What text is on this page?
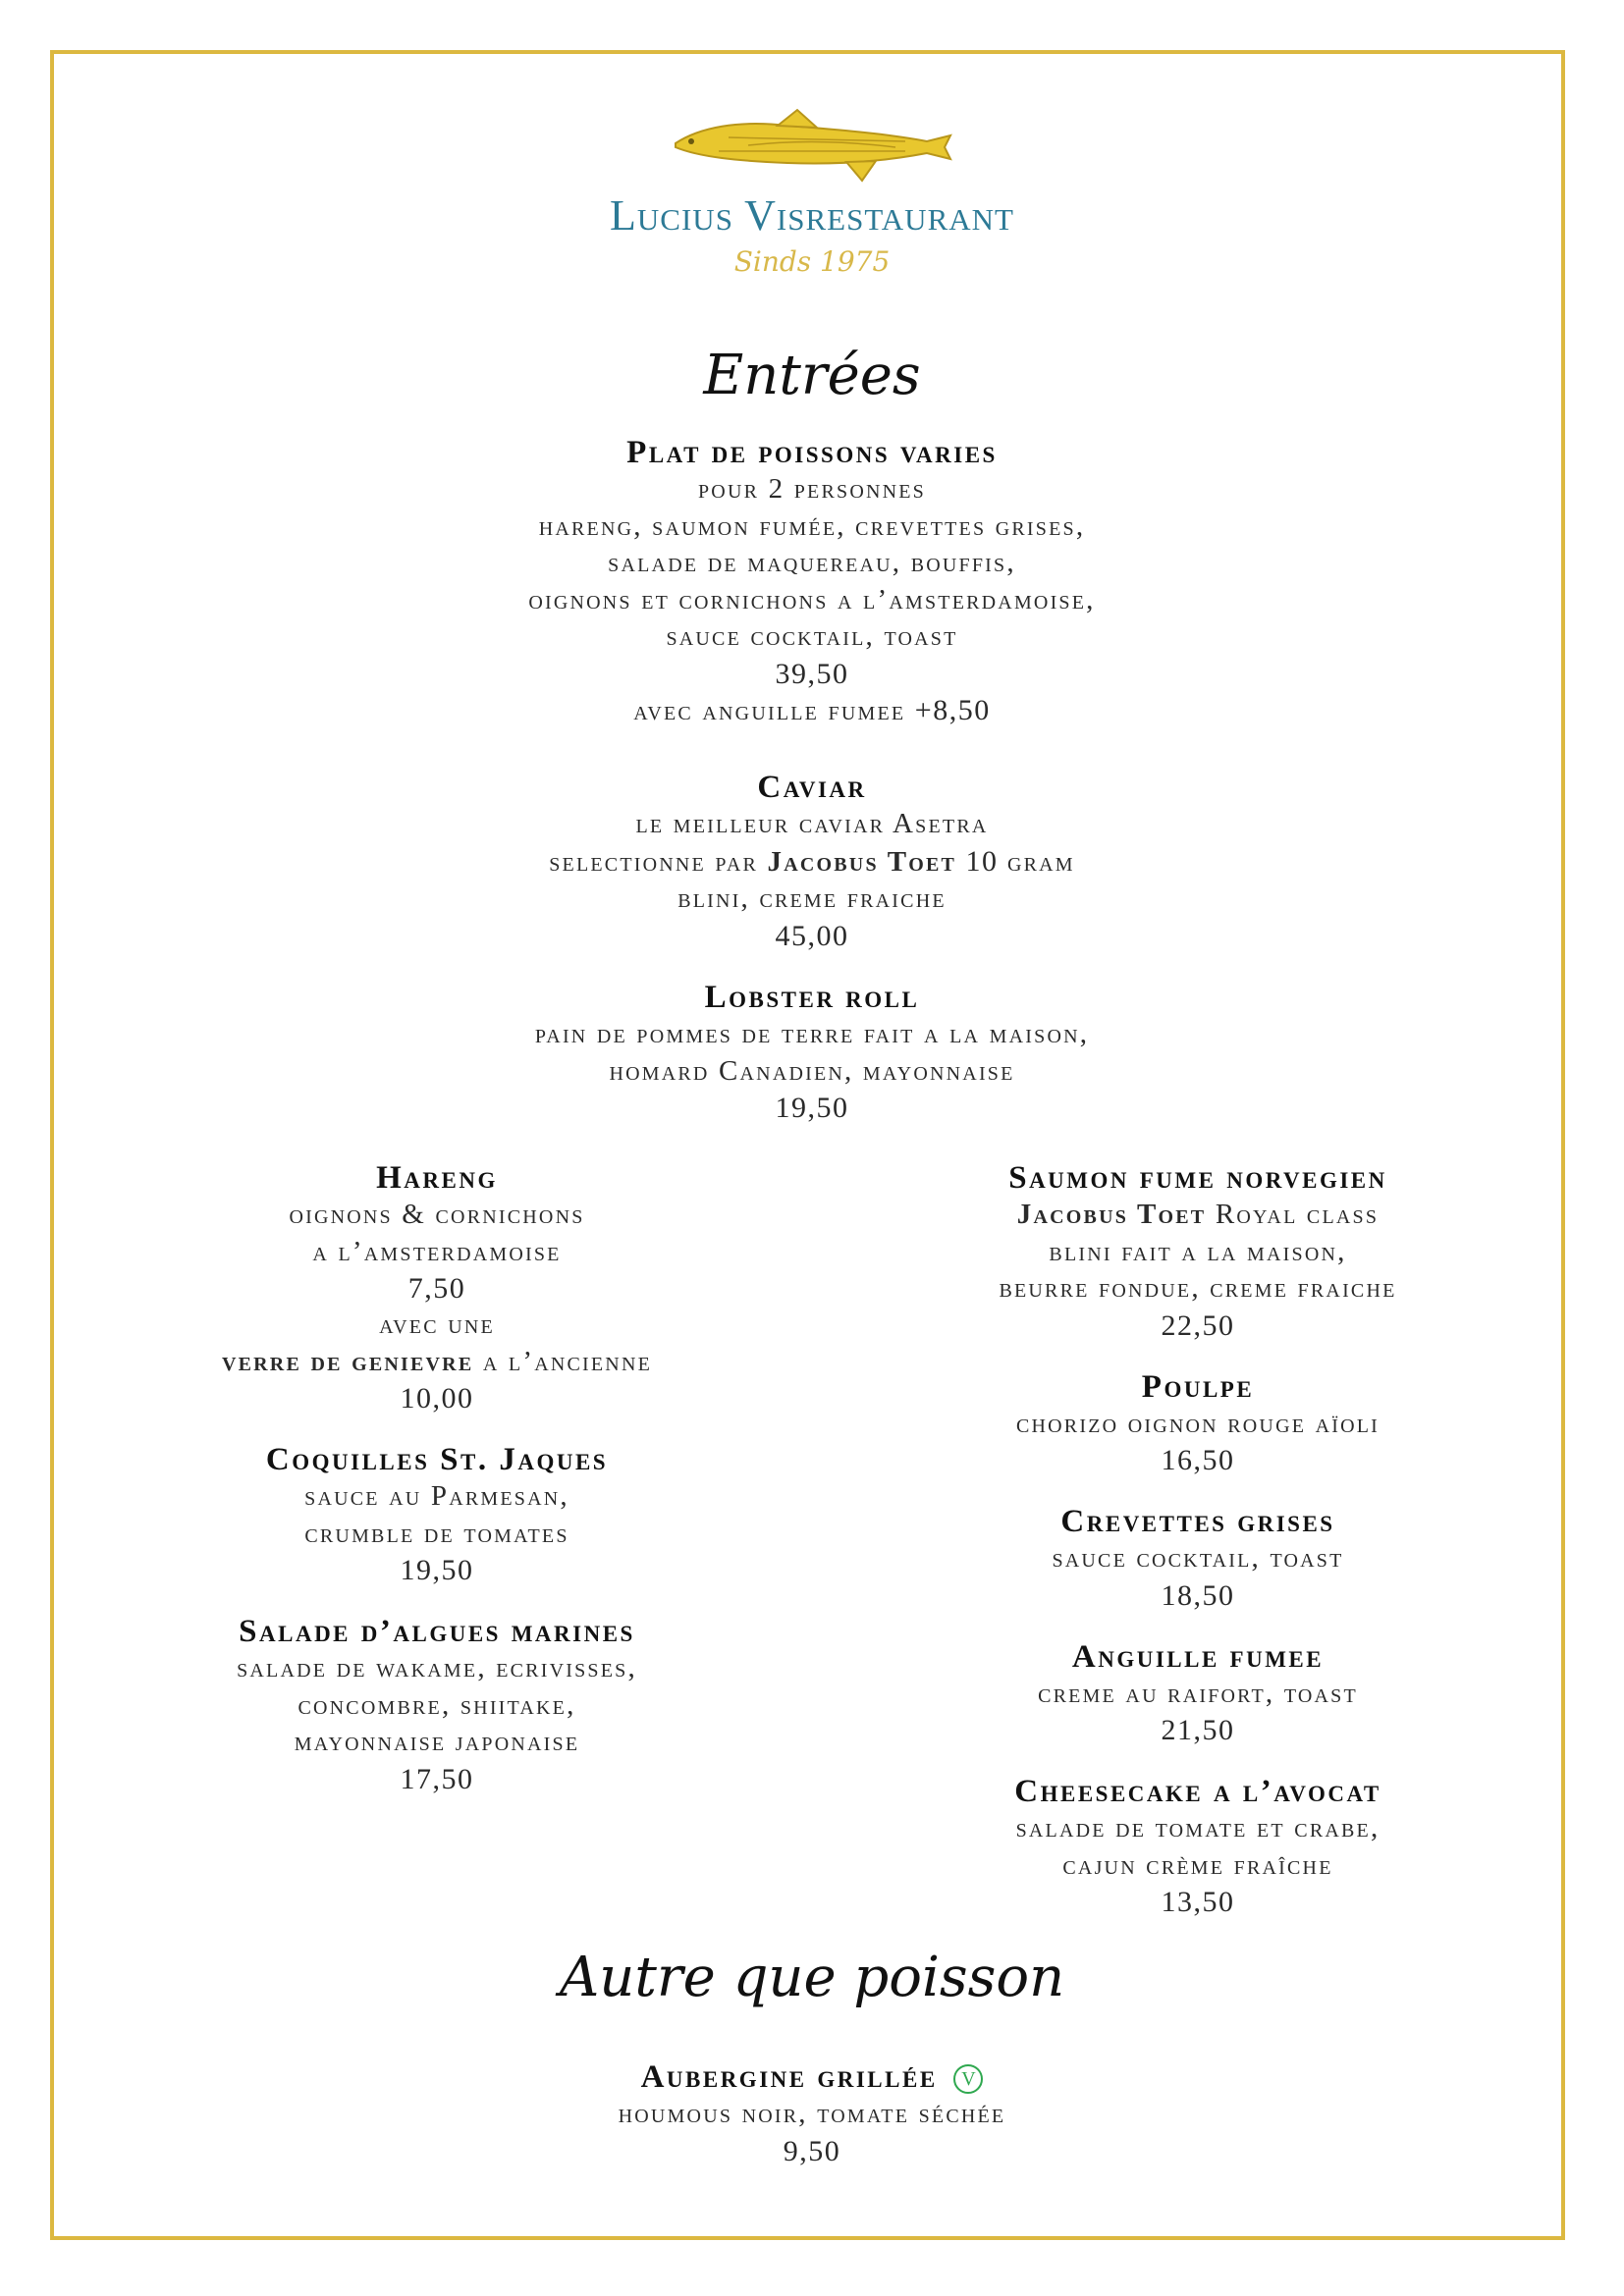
Lucius Visrestaurant
Sinds 1975
Entrées
Plat de poissons varies
pour 2 personnes
hareng, saumon fumée, crevettes grises,
salade de maquereau, bouffis,
oignons et cornichons a l’amsterdamoise,
sauce cocktail, toast
39,50
avec anguille fumee +8,50
Caviar
le meilleur caviar Asetra
selectionne par Jacobus Toet 10 gram
blini, creme fraiche
45,00
Lobster roll
pain de pommes de terre fait a la maison,
homard Canadien, mayonnaise
19,50
Hareng
oignons & cornichons
a l’amsterdamoise
7,50
avec une
verre de genievre a l’ancienne
10,00
Coquilles St. Jaques
sauce au Parmesan,
crumble de tomates
19,50
Salade d’algues marines
salade de wakame, ecrivisses,
concombre, shiitake,
mayonnaise japonaise
17,50
Saumon fume norvegien
Jacobus Toet Royal class
blini fait a la maison,
beurre fondue, creme fraiche
22,50
Poulpe
chorizo oignon rouge aïoli
16,50
Crevettes grises
sauce cocktail, toast
18,50
Anguille fumee
creme au raifort, toast
21,50
Cheesecake a l’avocat
salade de tomate et crabe,
cajun crème fraîche
13,50
Autre que poisson
Aubergine grillée V
houmous noir, tomate séchée
9,50
